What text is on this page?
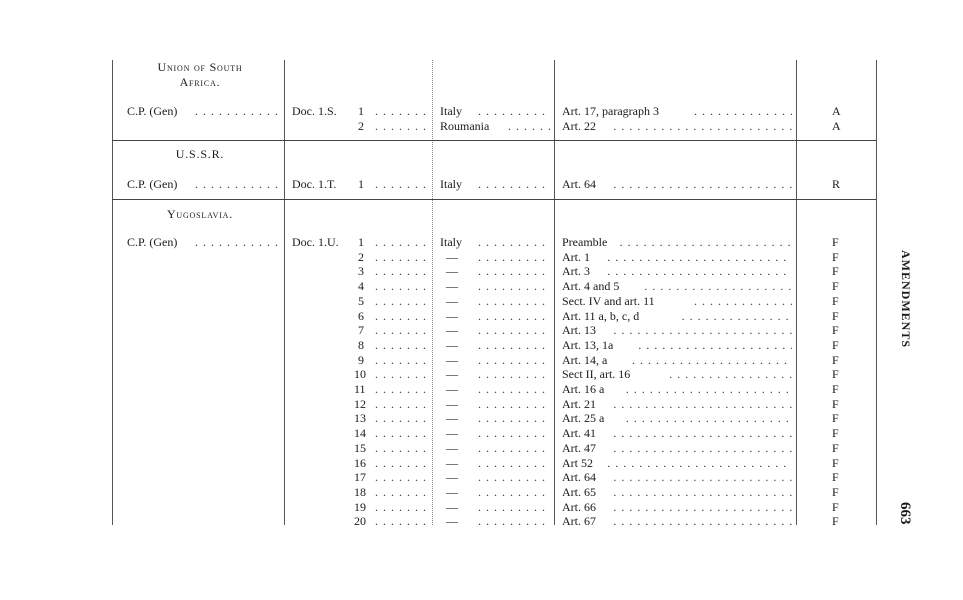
Union of South
Africa.
U.S.S.R.
Yugoslavia.
C.P. (Gen) . . .	Doc. 1.S. 1 . . .	Italy . . .	Art. 17, paragraph 3 . . .	A
2 . . .	Roumania . . .	Art. 22 . . .	A
C.P. (Gen) . . .	Doc. 1.T. 1 . . .	Italy . . .	Art. 64 . . .	R
C.P. (Gen) . . .	Doc. 1.U. 1 . . .	Italy . . .	Preamble . . .	F
2 . . .	— . . .	Art. 1 . . .	F
3 . . .	— . . .	Art. 3 . . .	F
4 . . .	— . . .	Art. 4 and 5 . . .	F
5 . . .	— . . .	Sect. IV and art. 11 . . .	F
6 . . .	— . . .	Art. 11 a, b, c, d . . .	F
7 . . .	— . . .	Art. 13 . . .	F
8 . . .	— . . .	Art. 13, 1a . . .	F
9 . . .	— . . .	Art. 14, a . . .	F
10 . . .	— . . .	Sect II, art. 16 . . .	F
11 . . .	— . . .	Art. 16 a . . .	F
12 . . .	— . . .	Art. 21 . . .	F
13 . . .	— . . .	Art. 25 a . . .	F
14 . . .	— . . .	Art. 41 . . .	F
15 . . .	— . . .	Art. 47 . . .	F
16 . . .	— . . .	Art 52 . . .	F
17 . . .	— . . .	Art. 64 . . .	F
18 . . .	— . . .	Art. 65 . . .	F
19 . . .	— . . .	Art. 66 . . .	F
20 . . .	— . . .	Art. 67 . . .	F
AMENDMENTS
663
